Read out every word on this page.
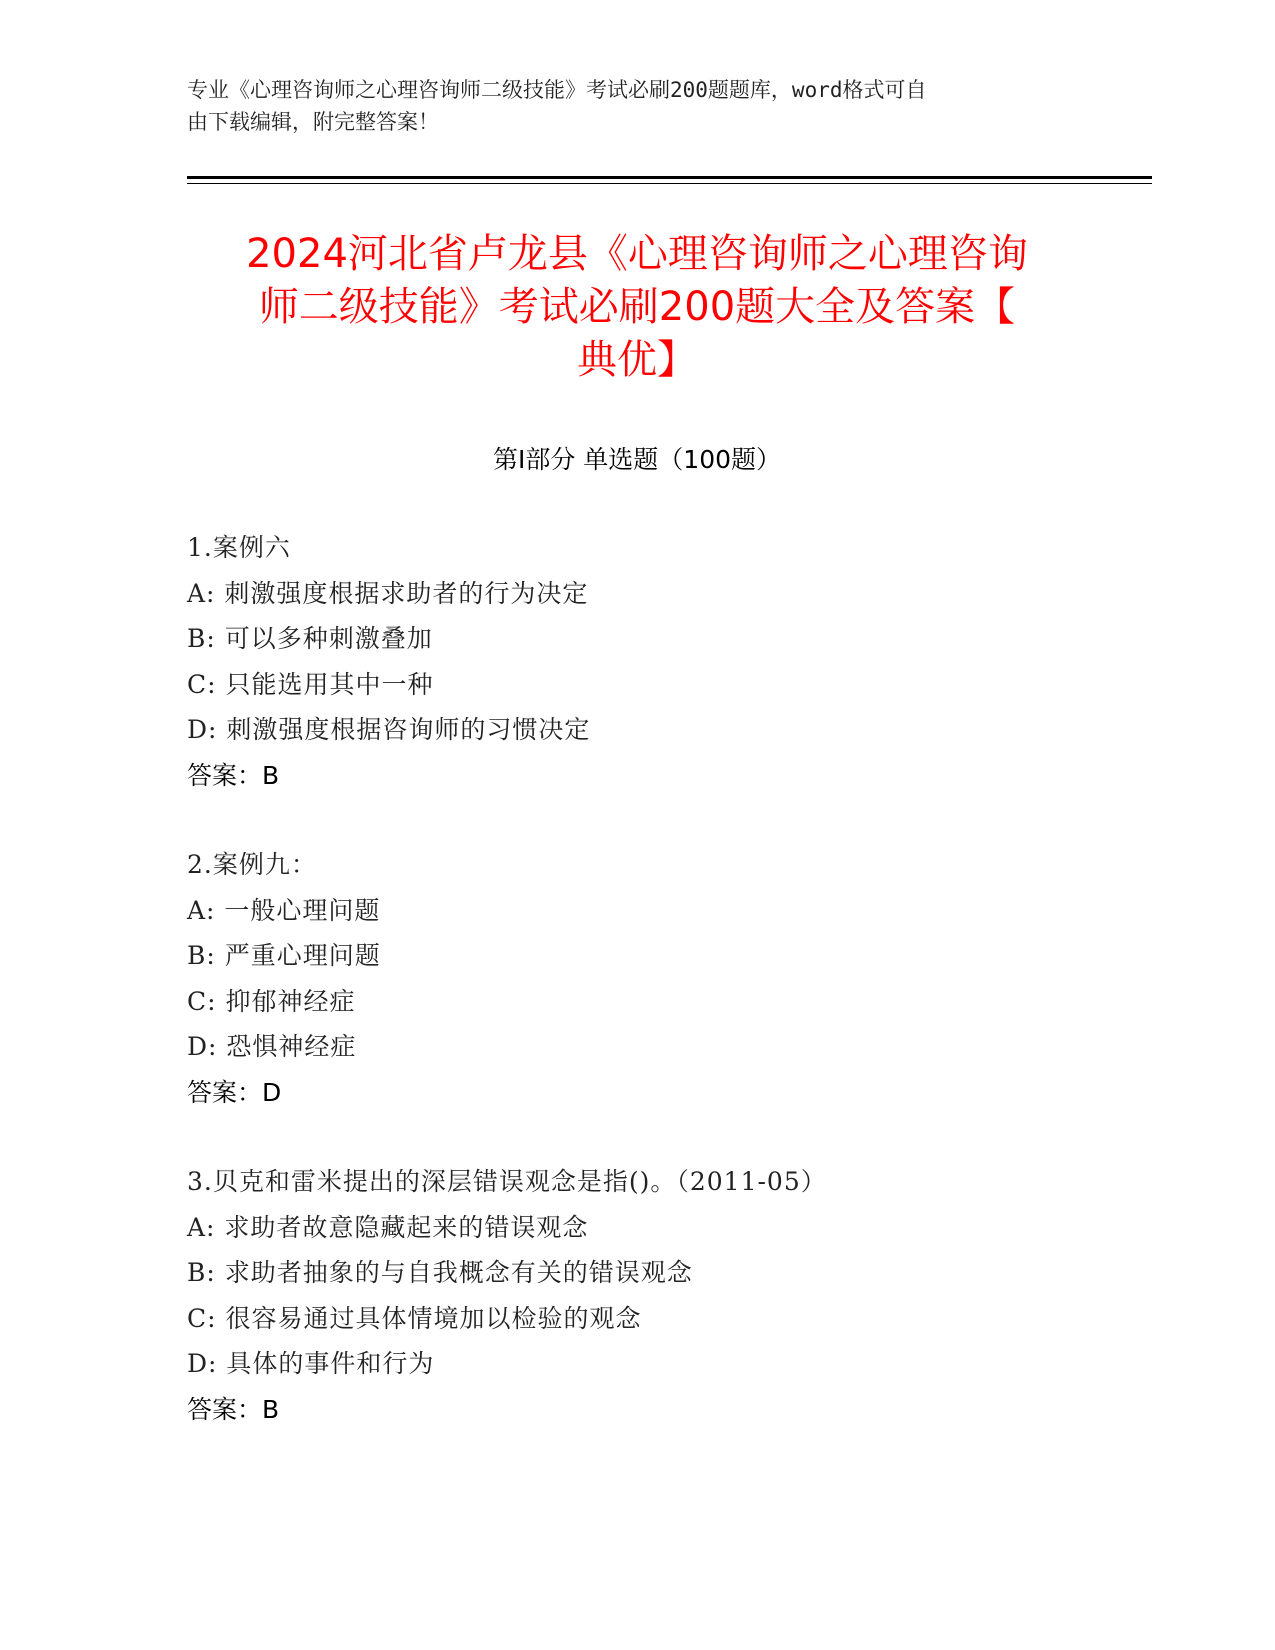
专业《心理咨询师之心理咨询师二级技能》考试必刷200题题库，word格式可自
由下载编辑，附完整答案！
2024河北省卢龙县《心理咨询师之心理咨询
师二级技能》考试必刷200题大全及答案【
典优】
第I部分 单选题（100题）
1.案例六
A: 刺激强度根据求助者的行为决定
B: 可以多种刺激叠加
C: 只能选用其中一种
D: 刺激强度根据咨询师的习惯决定
答案：B
2.案例九：
A: 一般心理问题
B: 严重心理问题
C: 抑郁神经症
D: 恐惧神经症
答案：D
3.贝克和雷米提出的深层错误观念是指()。（2011-05）
A: 求助者故意隐藏起来的错误观念
B: 求助者抽象的与自我概念有关的错误观念
C: 很容易通过具体情境加以检验的观念
D: 具体的事件和行为
答案：B
